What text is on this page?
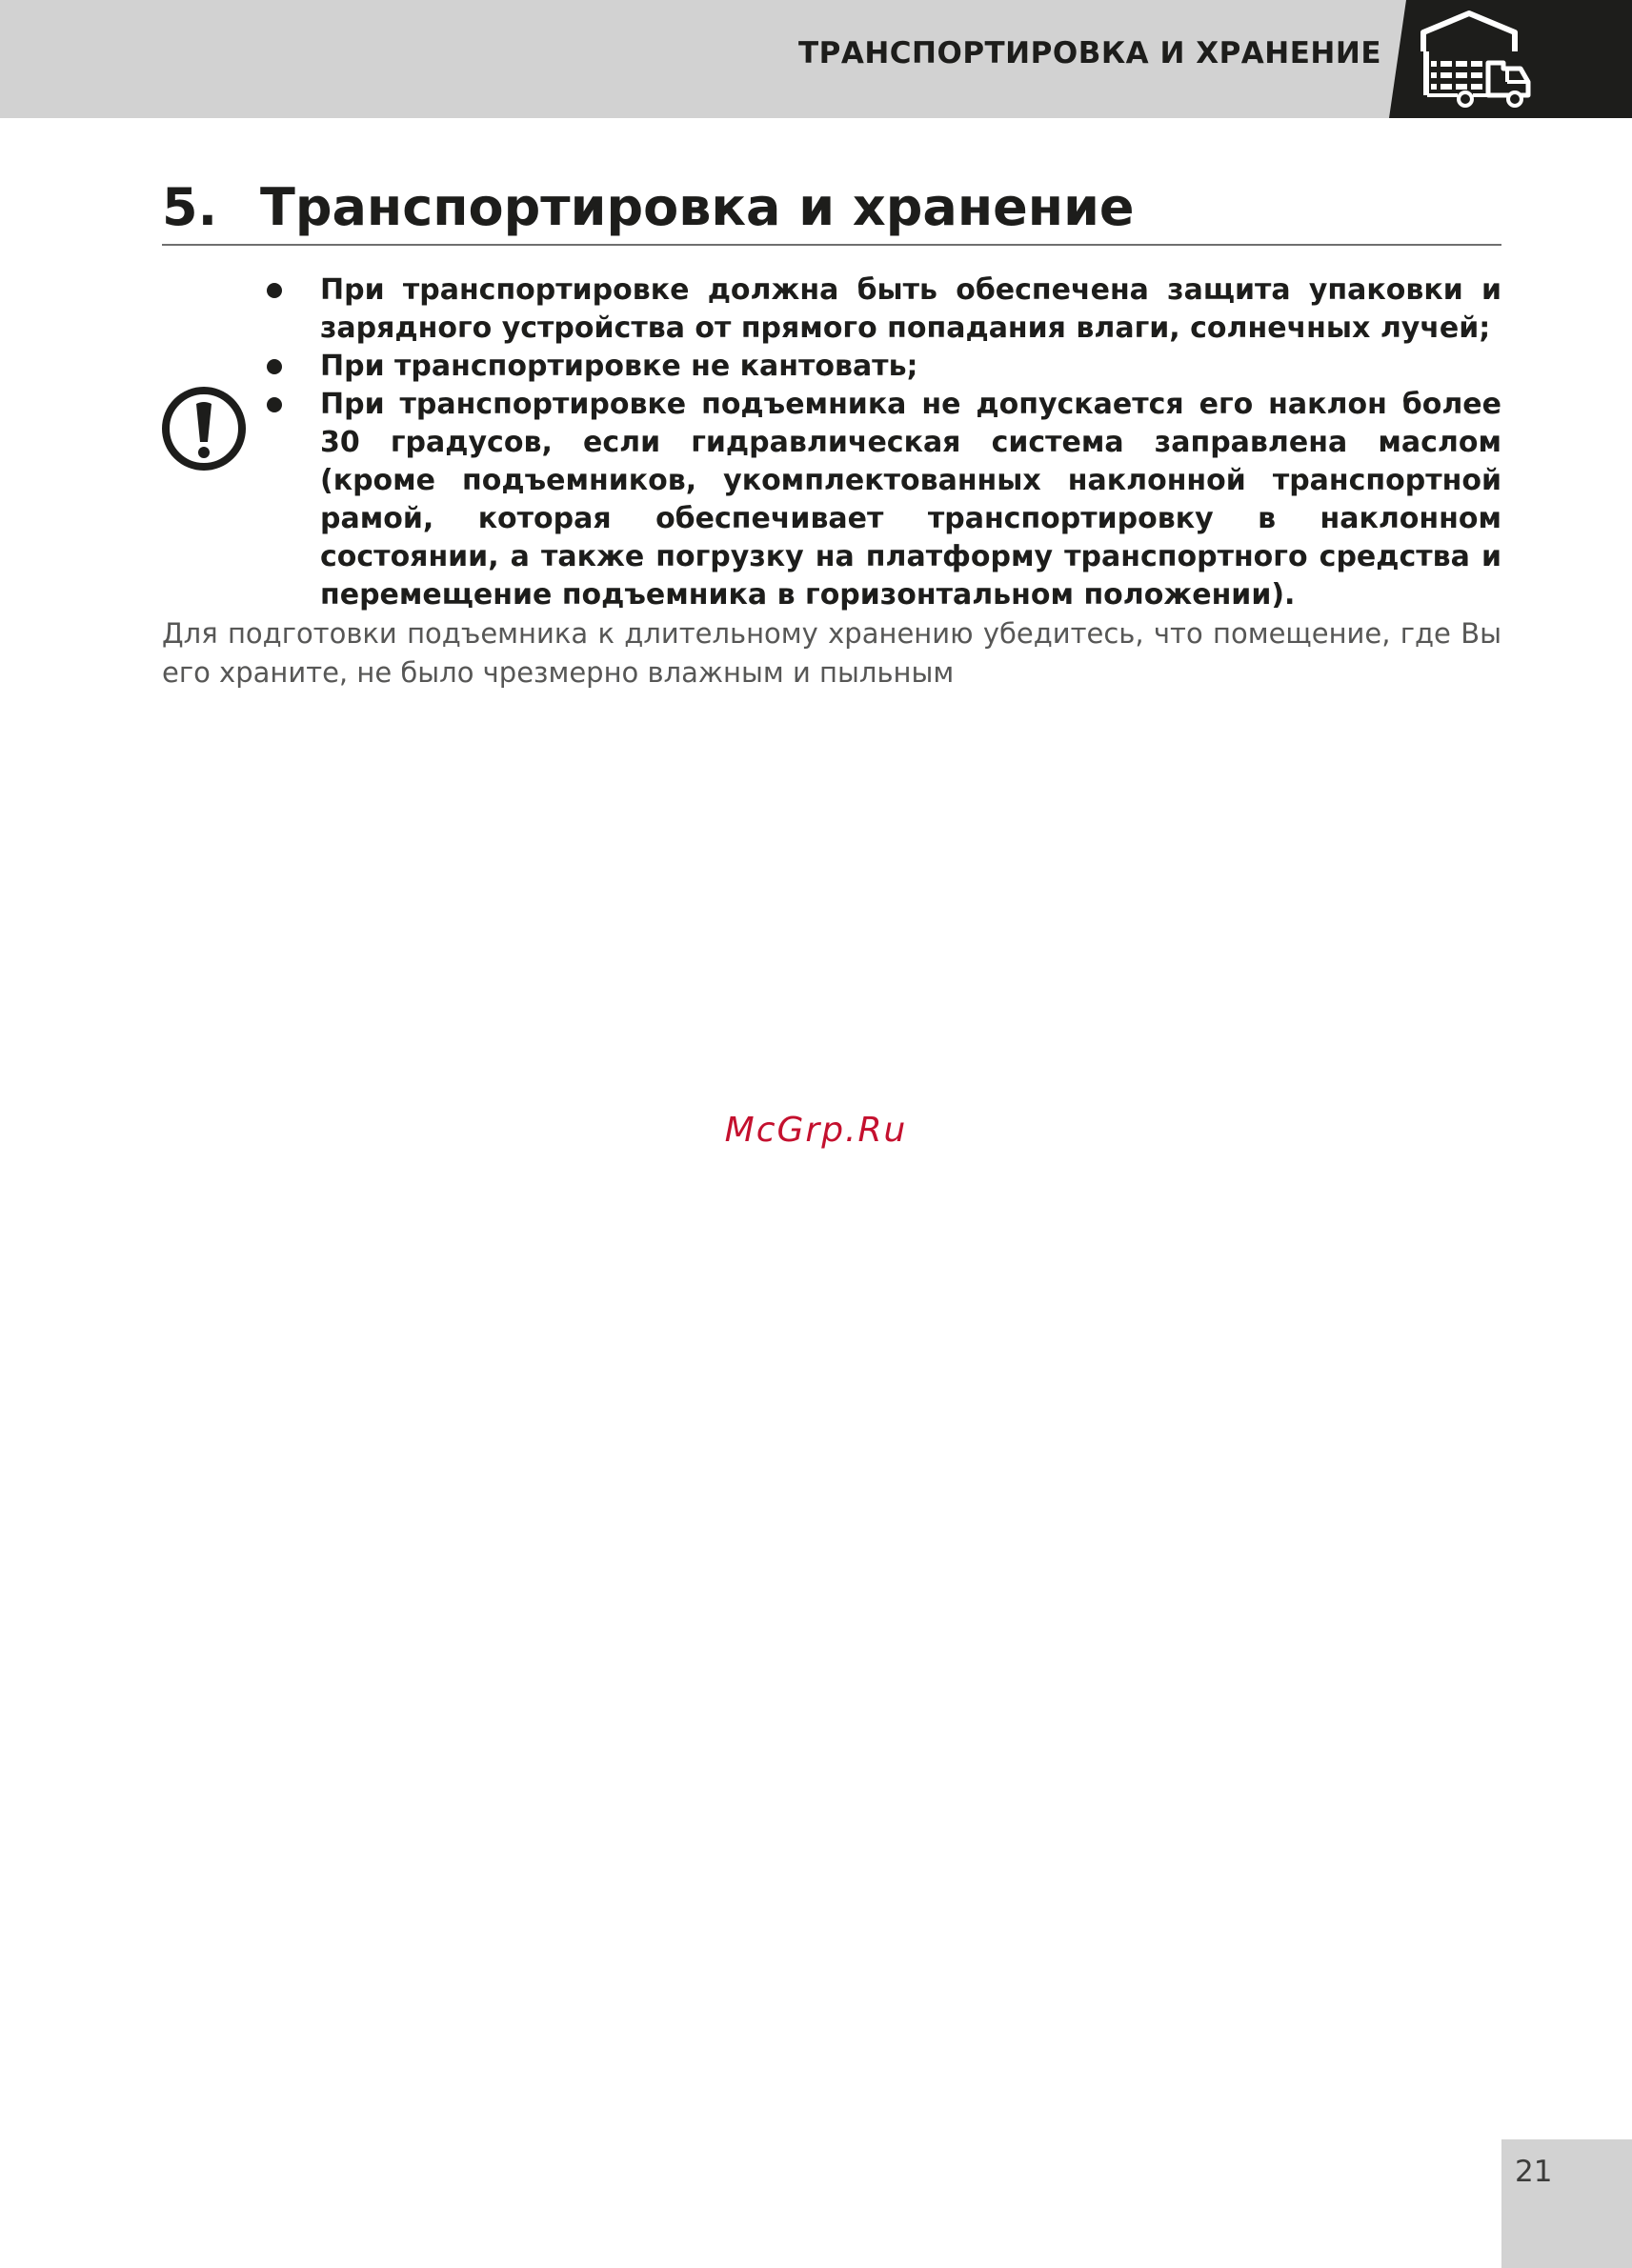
ТРАНСПОРТИРОВКА И ХРАНЕНИЕ
5. Транспортировка и хранение
При транспортировке должна быть обеспечена защита упаковки и зарядного устройства от прямого попадания влаги, солнечных лучей;
При транспортировке не кантовать;
При транспортировке подъемника не допускается его наклон более 30 градусов, если гидравлическая система заправлена маслом (кроме подъемников, укомплектованных наклонной транспортной рамой, которая обеспечивает транспортировку в наклонном состоянии, а также погрузку на платформу транспортного средства и перемещение подъемника в горизонтальном положении).

Для подготовки подъемника к длительному хранению убедитесь, что помещение, где Вы его храните, не было чрезмерно влажным и пыльным

McGrp.Ru
21
